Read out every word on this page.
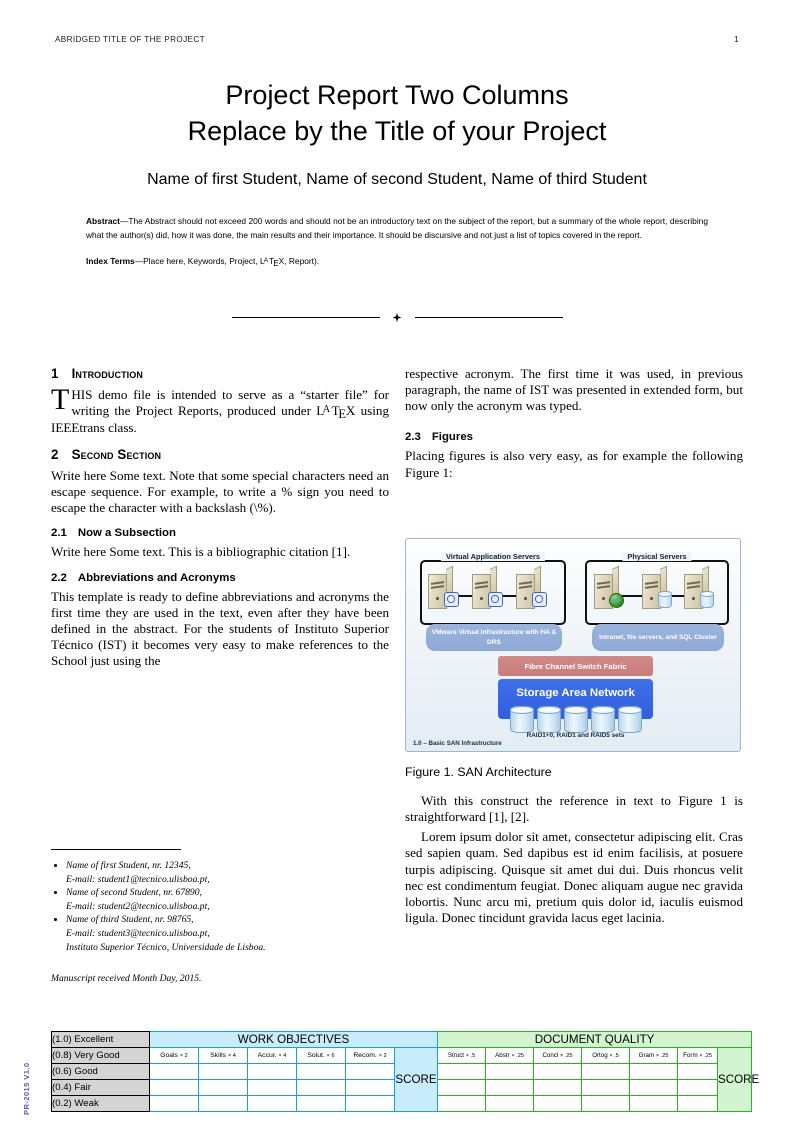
ABRIDGED TITLE OF THE PROJECT	1
Project Report Two Columns
Replace by the Title of your Project
Name of first Student, Name of second Student, Name of third Student

Abstract—The Abstract should not exceed 200 words and should not be an introductory text on the subject of the report, but a summary of the whole report, describing what the author(s) did, how it was done, the main results and their importance. It should be discursive and not just a list of topics covered in the report.

Index Terms—Place here, Keywords, Project, $L^ATEX$, Report).

1 Introduction

THIS demo file is intended to serve as a “starter file” for writing the Project Reports, produced under $L^ATEX$ using IEEEtrans class.

2 Second Section

Write here Some text. Note that some special characters need an escape sequence. For example, to write a % sign you need to escape the character with a backslash (\%).

2.1 Now a Subsection

Write here Some text. This is a bibliographic citation [1].

2.2 Abbreviations and Acronyms

This template is ready to define abbreviations and acronyms the first time they are used in the text, even after they have been defined in the abstract. For the students of Instituto Superior Técnico (IST) it becomes very easy to make references to the School just using the

respective acronym. The first time it was used, in previous paragraph, the name of IST was presented in extended form, but now only the acronym was typed.

2.3 Figures

Placing figures is also very easy, as for example the following Figure 1:

Virtual Application Servers	Physical Servers
VMware Virtual Infrastructure with HA & DRS
Intranet, file servers, and SQL Cluster
Fibre Channel Switch Fabric
Storage Area Network
RAID1+0, RAID1 and RAID5 sets
1.0 – Basic SAN Infrastructure
Figure 1. SAN Architecture

With this construct the reference in text to Figure 1 is straightforward [1], [2].

Lorem ipsum dolor sit amet, consectetur adipiscing elit. Cras sed sapien quam. Sed dapibus est id enim facilisis, at posuere turpis adipiscing. Quisque sit amet dui dui. Duis rhoncus velit nec est condimentum feugiat. Donec aliquam augue nec gravida lobortis. Nunc arcu mi, pretium quis dolor id, iaculis euismod ligula. Donec tincidunt gravida lacus eget lacinia.

• Name of first Student, nr. 12345,
E-mail: student1@tecnico.ulisboa.pt,
• Name of second Student, nr. 67890,
E-mail: student2@tecnico.ulisboa.pt,
• Name of third Student, nr. 98765,
E-mail: student3@tecnico.ulisboa.pt,
Instituto Superior Técnico, Universidade de Lisboa.
Manuscript received Month Day, 2015.
(1.0) Excellent	WORK OBJECTIVES						DOCUMENT QUALITY						
(0.8) Very Good	Goals × 2	Skills × 4	Accur. × 4	Solut. × 6	Recom. × 2	SCORE	Struct × .5	Abstr × .25	Concl × .25	Ortog × .5	Gram × .25	Form × .25	SCORE
(0.6) Good													
(0.4) Fair													
(0.2) Weak													
PR-2015 V1.0
